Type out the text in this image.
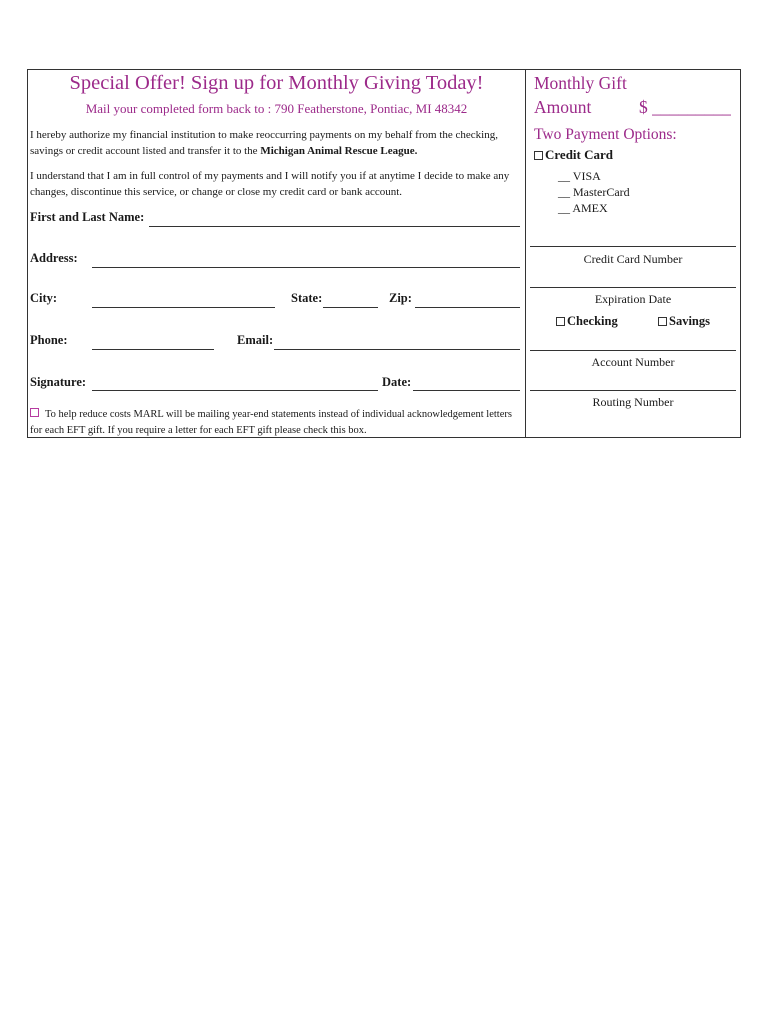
Special Offer! Sign up for Monthly Giving Today!
Mail your completed form back to : 790 Featherstone, Pontiac, MI 48342
I hereby authorize my financial institution to make reoccurring payments on my behalf from the checking, savings or credit account listed and transfer it to the Michigan Animal Rescue League.
I understand that I am in full control of my payments and I will notify you if at anytime I decide to make any changes, discontinue this service, or change or close my credit card or bank account.
First and Last Name:
Address:
City:	State:	Zip:
Phone:	Email:
Signature:	Date:
To help reduce costs MARL will be mailing year-end statements instead of individual acknowledgement letters for each EFT gift. If you require a letter for each EFT gift please check this box.
Monthly Gift
Amount	$ _________
Two Payment Options:
Credit Card
__ VISA
__ MasterCard
__ AMEX
Credit Card Number
Expiration Date
Checking	Savings
Account Number
Routing Number
